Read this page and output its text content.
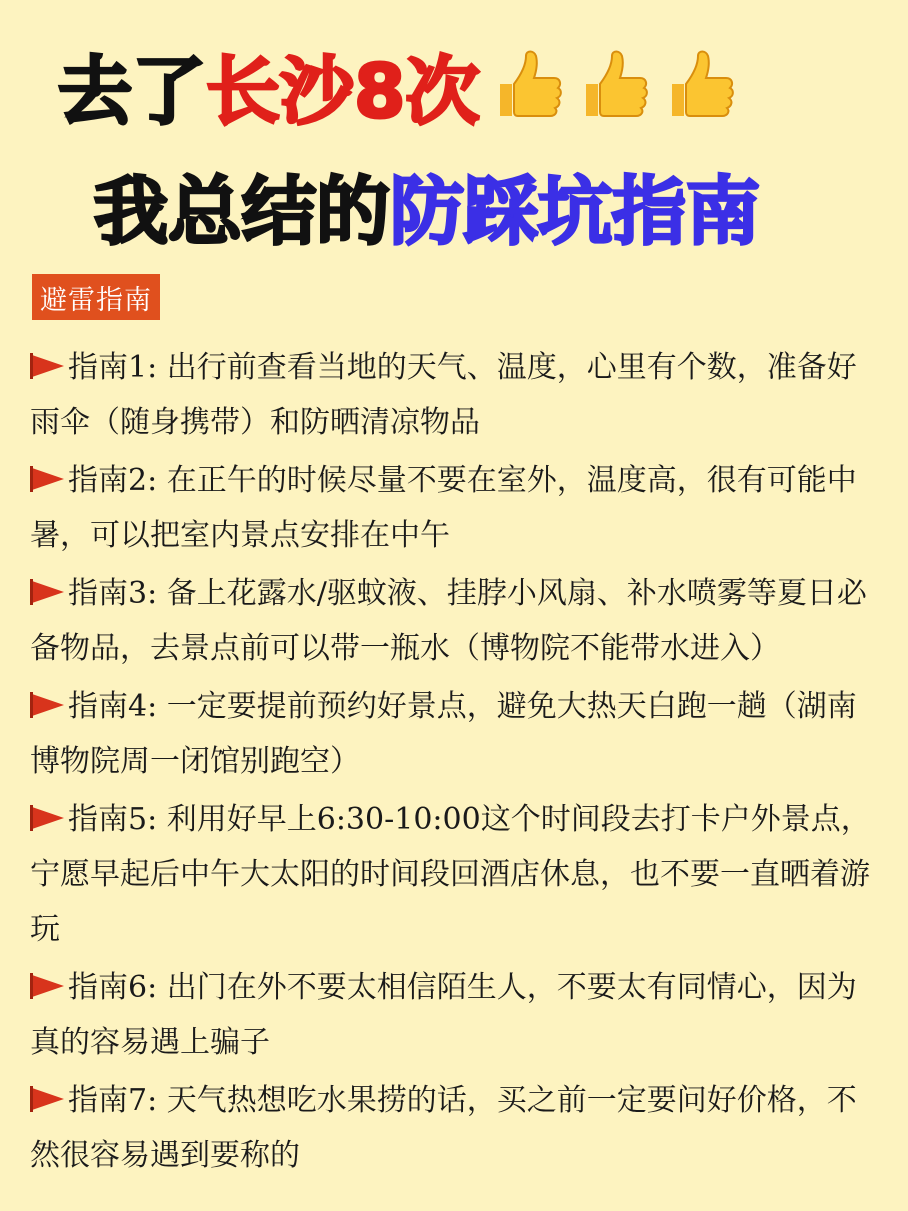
去了 长沙8次
我总结的 防踩坑指南
避雷指南
指南1: 出行前查看当地的天气、温度，心里有个数，准备好雨伞（随身携带）和防晒清凉物品
指南2: 在正午的时候尽量不要在室外，温度高，很有可能中暑，可以把室内景点安排在中午
指南3: 备上花露水/驱蚊液、挂脖小风扇、补水喷雾等夏日必备物品，去景点前可以带一瓶水（博物院不能带水进入）
指南4: 一定要提前预约好景点，避免大热天白跑一趟（湖南博物院周一闭馆别跑空）
指南5: 利用好早上6:30-10:00这个时间段去打卡户外景点，宁愿早起后中午大太阳的时间段回酒店休息，也不要一直晒着游玩
指南6: 出门在外不要太相信陌生人，不要太有同情心，因为真的容易遇上骗子
指南7: 天气热想吃水果捞的话，买之前一定要问好价格，不然很容易遇到要称的
